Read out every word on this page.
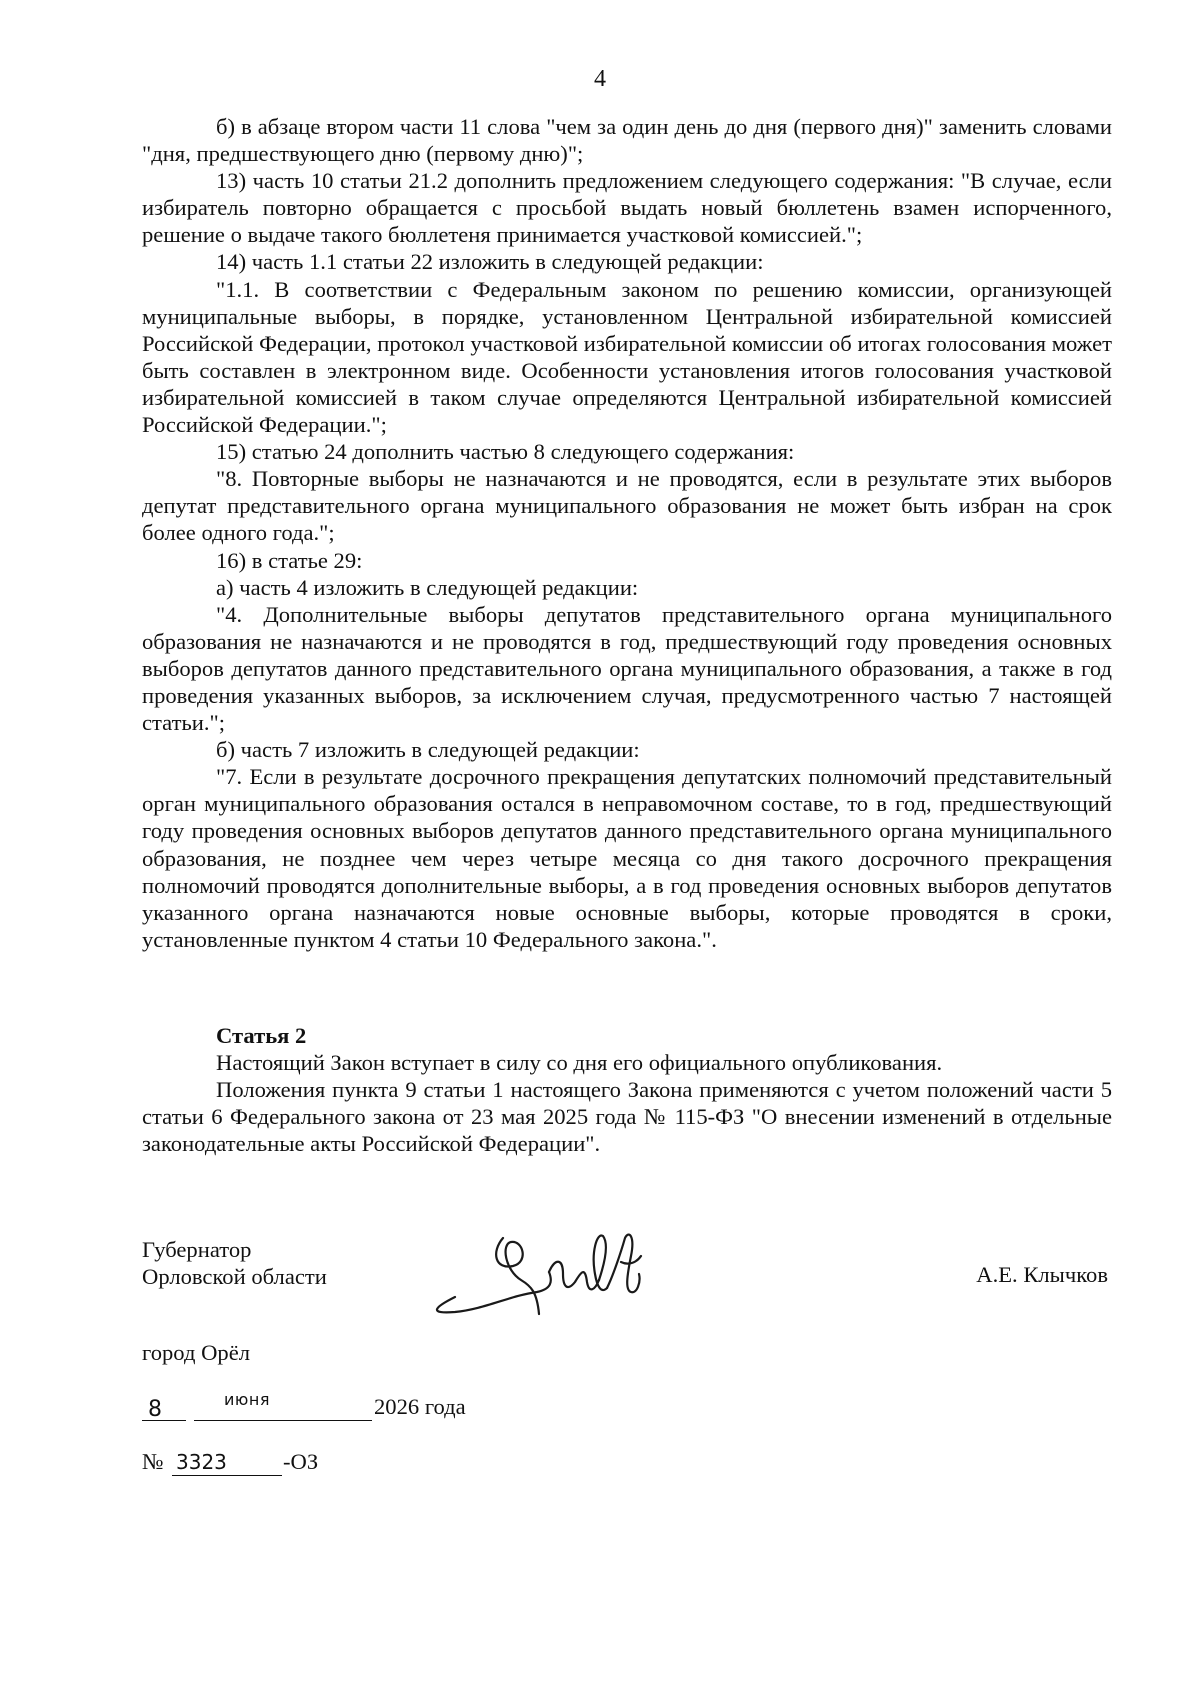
4

б) в абзаце втором части 11 слова "чем за один день до дня (первого дня)" заменить словами "дня, предшествующего дню (первому дню)";

13) часть 10 статьи 21.2 дополнить предложением следующего содержания: "В случае, если избиратель повторно обращается с просьбой выдать новый бюллетень взамен испорченного, решение о выдаче такого бюллетеня принимается участковой комиссией.";

14) часть 1.1 статьи 22 изложить в следующей редакции:

"1.1. В соответствии с Федеральным законом по решению комиссии, организующей муниципальные выборы, в порядке, установленном Центральной избирательной комиссией Российской Федерации, протокол участковой избирательной комиссии об итогах голосования может быть составлен в электронном виде. Особенности установления итогов голосования участковой избирательной комиссией в таком случае определяются Центральной избирательной комиссией Российской Федерации.";

15) статью 24 дополнить частью 8 следующего содержания:

"8. Повторные выборы не назначаются и не проводятся, если в результате этих выборов депутат представительного органа муниципального образования не может быть избран на срок более одного года.";

16) в статье 29:

а) часть 4 изложить в следующей редакции:

"4. Дополнительные выборы депутатов представительного органа муниципального образования не назначаются и не проводятся в год, предшествующий году проведения основных выборов депутатов данного представительного органа муниципального образования, а также в год проведения указанных выборов, за исключением случая, предусмотренного частью 7 настоящей статьи.";

б) часть 7 изложить в следующей редакции:

"7. Если в результате досрочного прекращения депутатских полномочий представительный орган муниципального образования остался в неправомочном составе, то в год, предшествующий году проведения основных выборов депутатов данного представительного органа муниципального образования, не позднее чем через четыре месяца со дня такого досрочного прекращения полномочий проводятся дополнительные выборы, а в год проведения основных выборов депутатов указанного органа назначаются новые основные выборы, которые проводятся в сроки, установленные пунктом 4 статьи 10 Федерального закона.".

Статья 2

Настоящий Закон вступает в силу со дня его официального опубликования.

Положения пункта 9 статьи 1 настоящего Закона применяются с учетом положений части 5 статьи 6 Федерального закона от 23 мая 2025 года № 115-ФЗ "О внесении изменений в отдельные законодательные акты Российской Федерации".

Губернатор
Орловской области	А.Е. Клычков
город Орёл
8	июня	2026 года
№ 3323 -ОЗ
